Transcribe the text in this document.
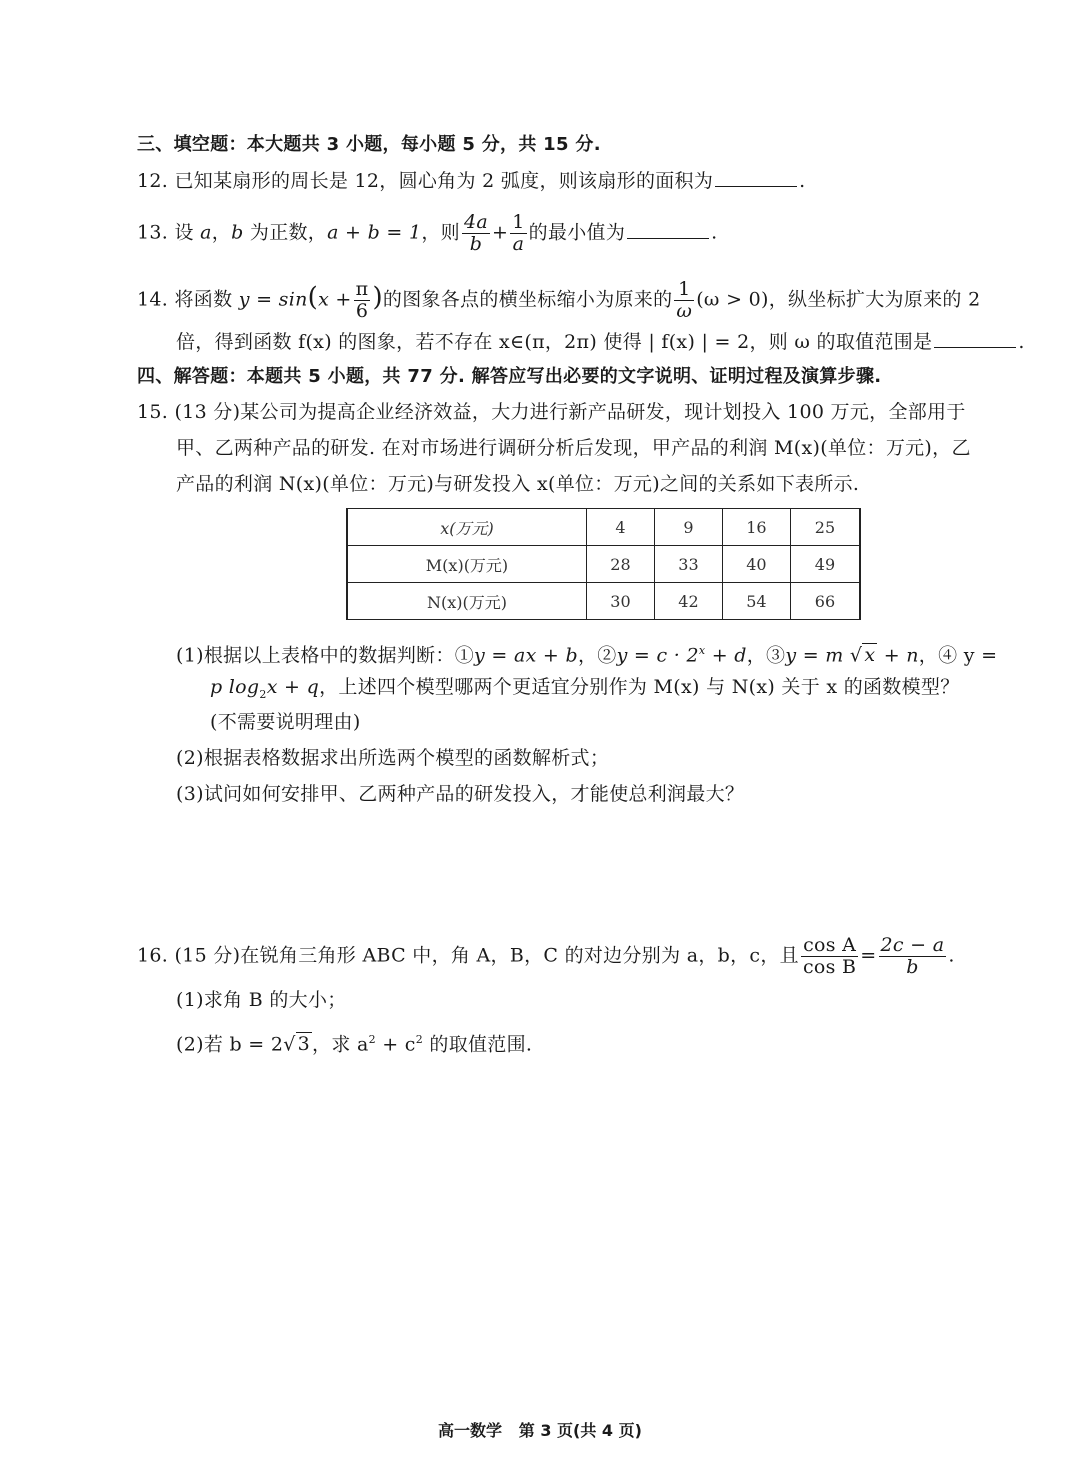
三、填空题：本大题共 3 小题，每小题 5 分，共 15 分.
12. 已知某扇形的周长是 12，圆心角为 2 弧度，则该扇形的面积为	.
13. 设 a，b 为正数，a + b = 1，则 $\frac{4a}{b} + \frac{1}{a}$ 的最小值为	.
14. 将函数 $y = \sin(x + \frac{\pi}{6}$ )的图象各点的横坐标缩小为原来的 $\frac{1}{\omega} (\omega > 0)$，纵坐标扩大为原来的 2
倍，得到函数 f(x) 的图象，若不存在 x∈(π，2π) 使得 | f(x) | = 2，则 ω 的取值范围是	.
四、解答题：本题共 5 小题，共 77 分. 解答应写出必要的文字说明、证明过程及演算步骤.
15. (13 分)某公司为提高企业经济效益，大力进行新产品研发，现计划投入 100 万元，全部用于
甲、乙两种产品的研发. 在对市场进行调研分析后发现，甲产品的利润 M(x)(单位：万元)，乙
产品的利润 N(x)(单位：万元)与研发投入 x(单位：万元)之间的关系如下表所示.
x(万元)	4	9	16	25
M(x)(万元)	28	33	40	49
N(x)(万元)	30	42	54	66
(1)根据以上表格中的数据判断：①y = ax + b，②y = $c \cdot 2^x + d$，③y = m √ x + n，④ y =
p $\log_2x + q$，上述四个模型哪两个更适宜分别作为 M(x) 与 N(x) 关于 x 的函数模型？
(不需要说明理由)
(2)根据表格数据求出所选两个模型的函数解析式；
(3)试问如何安排甲、乙两种产品的研发投入，才能使总利润最大？
16. (15 分)在锐角三角形 ABC 中，角 A，B，C 的对边分别为 a，b，c，且 $\frac{\text{cos A}}{\text{cos B}} = \frac{2c - a}{b}$ .
(1)求角 B 的大小；
(2)若 b = 2√ 3 ，求 $a^2 + c^2$ 的取值范围.
高一数学 第 3 页(共 4 页)
